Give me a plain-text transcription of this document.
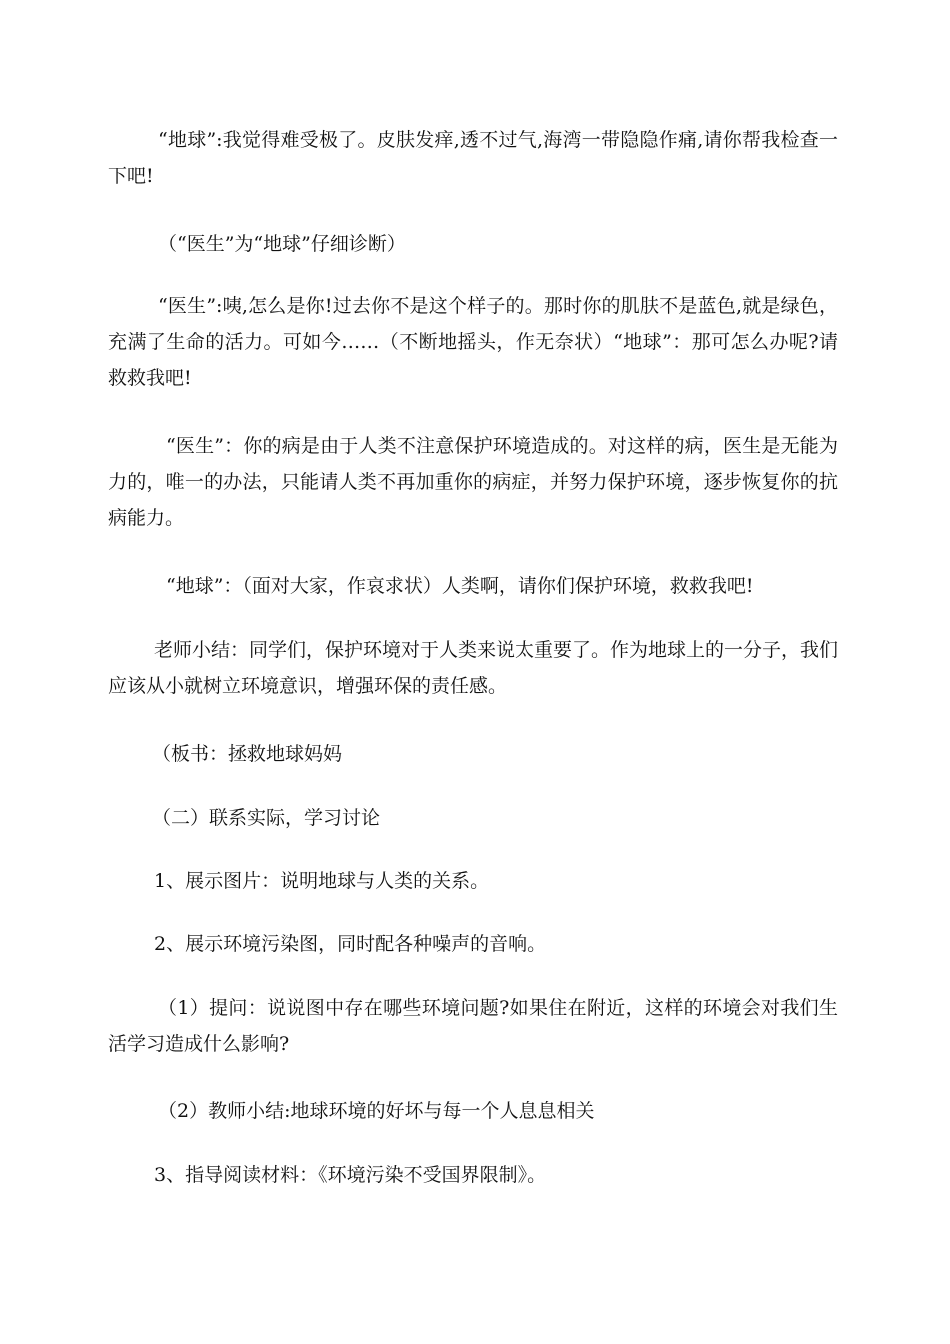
“地球”:我觉得难受极了。皮肤发痒,透不过气,海湾一带隐隐作痛,请你帮我检查一下吧!

（“医生”为“地球”仔细诊断）

“医生”:咦,怎么是你!过去你不是这个样子的。那时你的肌肤不是蓝色,就是绿色，充满了生命的活力。可如今……（不断地摇头，作无奈状）“地球”：那可怎么办呢?请救救我吧!

“医生”：你的病是由于人类不注意保护环境造成的。对这样的病，医生是无能为力的，唯一的办法，只能请人类不再加重你的病症，并努力保护环境，逐步恢复你的抗病能力。

“地球”：（面对大家，作哀求状）人类啊，请你们保护环境，救救我吧!

老师小结：同学们，保护环境对于人类来说太重要了。作为地球上的一分子，我们应该从小就树立环境意识，增强环保的责任感。

（板书：拯救地球妈妈

（二）联系实际，学习讨论

1、展示图片：说明地球与人类的关系。

2、展示环境污染图，同时配各种噪声的音响。

（1）提问：说说图中存在哪些环境问题?如果住在附近，这样的环境会对我们生活学习造成什么影响?

（2）教师小结:地球环境的好坏与每一个人息息相关

3、指导阅读材料：《环境污染不受国界限制》。
